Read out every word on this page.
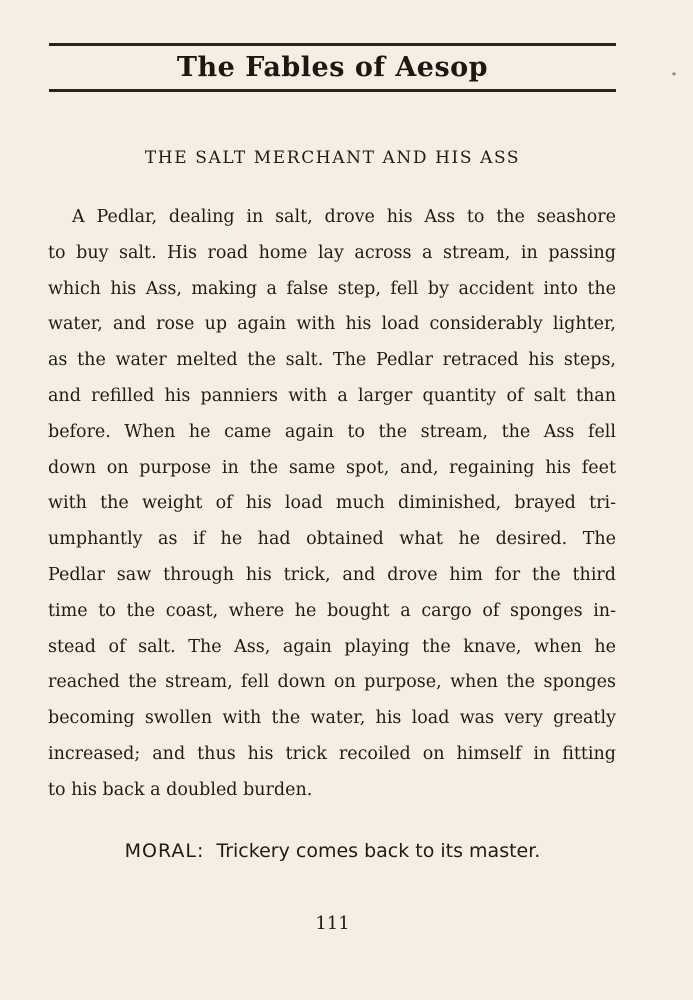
The Fables of Aesop	*
THE SALT MERCHANT AND HIS ASS
A Pedlar, dealing in salt, drove his Ass to the seashore
to buy salt. His road home lay across a stream, in passing
which his Ass, making a false step, fell by accident into the
water, and rose up again with his load considerably lighter,
as the water melted the salt. The Pedlar retraced his steps,
and refilled his panniers with a larger quantity of salt than
before. When he came again to the stream, the Ass fell
down on purpose in the same spot, and, regaining his feet
with the weight of his load much diminished, brayed tri-
umphantly as if he had obtained what he desired. The
Pedlar saw through his trick, and drove him for the third
time to the coast, where he bought a cargo of sponges in-
stead of salt. The Ass, again playing the knave, when he
reached the stream, fell down on purpose, when the sponges
becoming swollen with the water, his load was very greatly
increased; and thus his trick recoiled on himself in fitting
to his back a doubled burden.
MORAL: Trickery comes back to its master.
111
